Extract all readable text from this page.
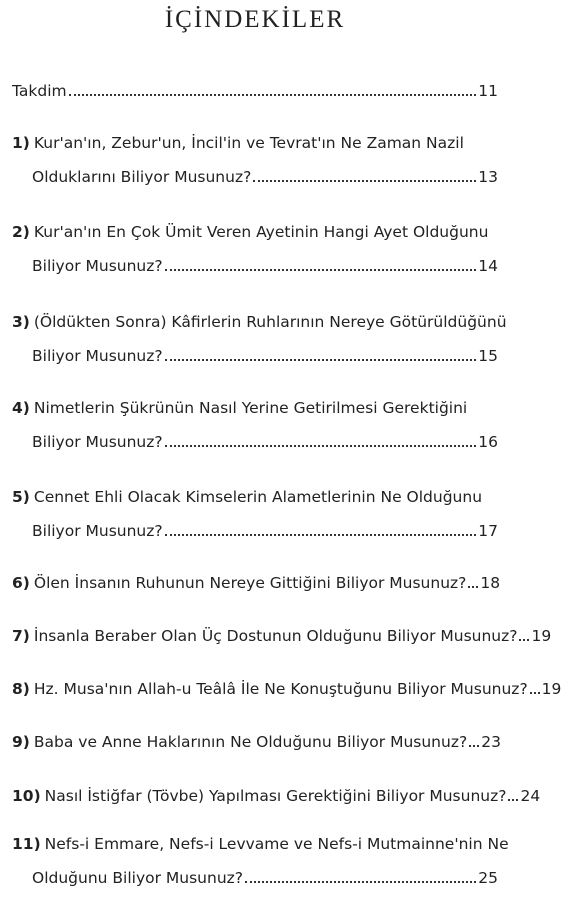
İÇİNDEKİLER
Takdim	11
1) Kur'an'ın, Zebur'un, İncil'in ve Tevrat'ın Ne Zaman Nazil
Olduklarını Biliyor Musunuz?	13
2) Kur'an'ın En Çok Ümit Veren Ayetinin Hangi Ayet Olduğunu
Biliyor Musunuz?	14
3) (Öldükten Sonra) Kâfirlerin Ruhlarının Nereye Götürüldüğünü
Biliyor Musunuz?	15
4) Nimetlerin Şükrünün Nasıl Yerine Getirilmesi Gerektiğini
Biliyor Musunuz?	16
5) Cennet Ehli Olacak Kimselerin Alametlerinin Ne Olduğunu
Biliyor Musunuz?	17
6) Ölen İnsanın Ruhunun Nereye Gittiğini Biliyor Musunuz? 18
7) İnsanla Beraber Olan Üç Dostunun Olduğunu Biliyor Musunuz? 19
8) Hz. Musa'nın Allah-u Teâlâ İle Ne Konuştuğunu Biliyor Musunuz? 19
9) Baba ve Anne Haklarının Ne Olduğunu Biliyor Musunuz? 23
10) Nasıl İstiğfar (Tövbe) Yapılması Gerektiğini Biliyor Musunuz? 24
11) Nefs-i Emmare, Nefs-i Levvame ve Nefs-i Mutmainne'nin Ne
Olduğunu Biliyor Musunuz?	25
